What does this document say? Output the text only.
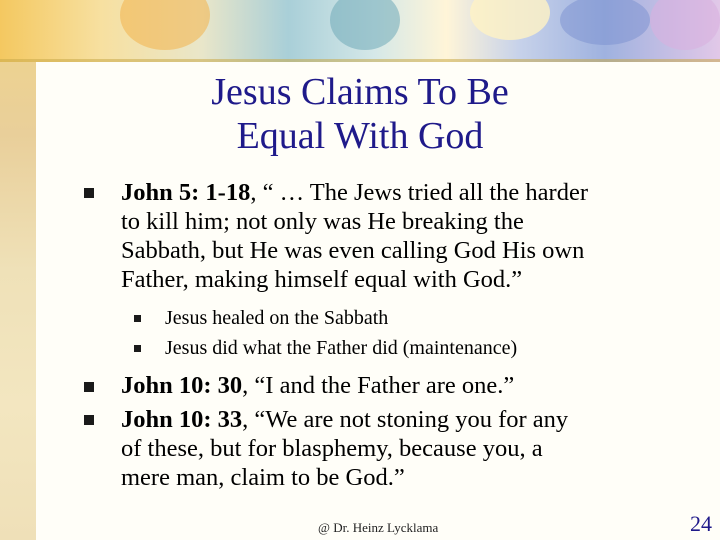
Jesus Claims To Be
Equal With God
John 5: 1-18, “ … The Jews tried all the harder
to kill him; not only was He breaking the
Sabbath, but He was even calling God His own
Father, making himself equal with God.”
Jesus healed on the Sabbath
Jesus did what the Father did (maintenance)
John 10: 30, “I and the Father are one.”
John 10: 33, “We are not stoning you for any
of these, but for blasphemy, because you, a
mere man, claim to be God.”
@ Dr. Heinz Lycklama	24
